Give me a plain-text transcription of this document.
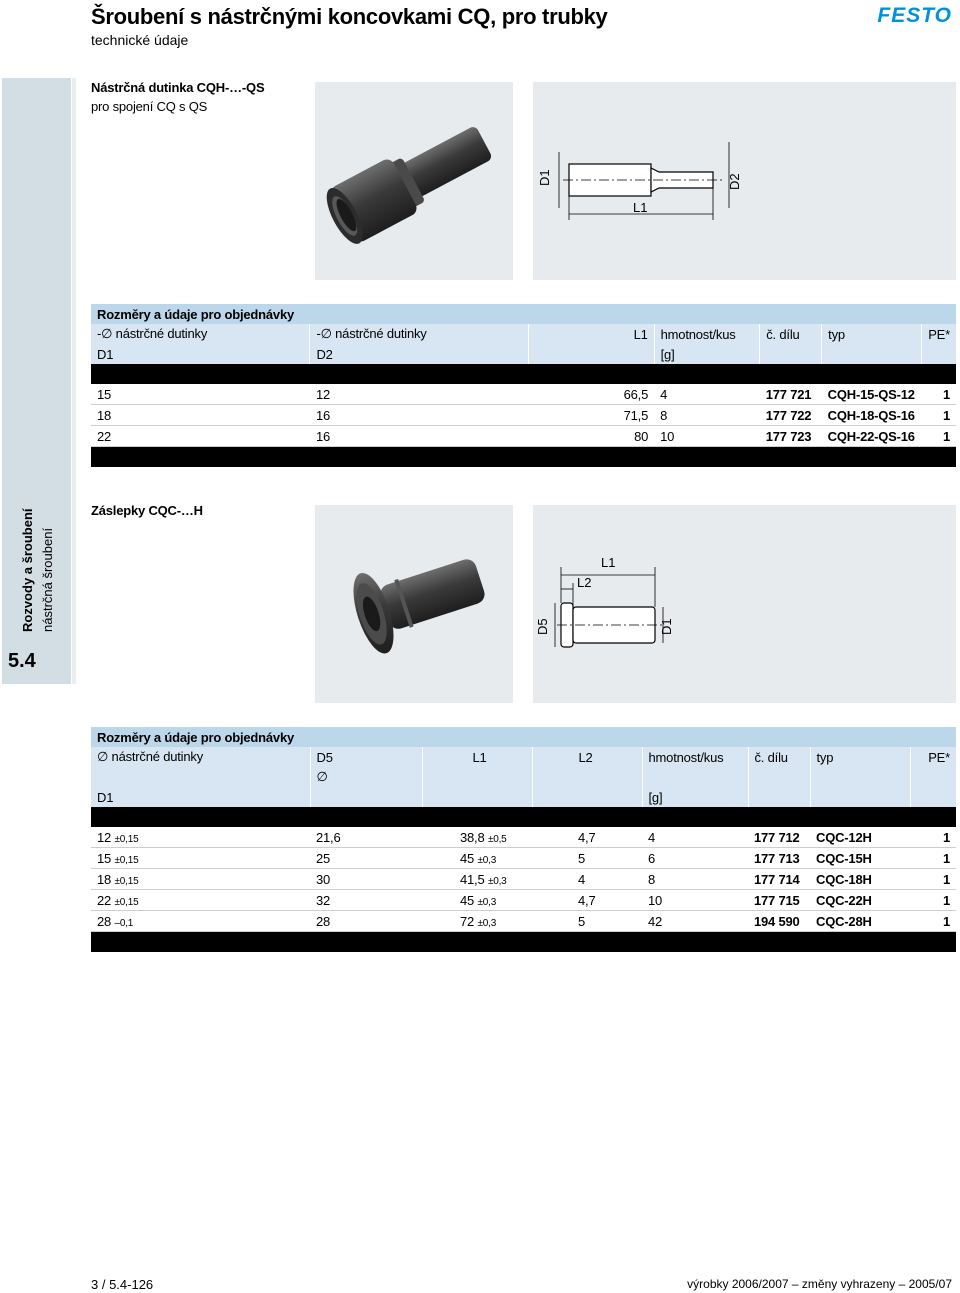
Šroubení s nástrčnými koncovkami CQ, pro trubky
technické údaje
FESTO
Rozvody a šroubení nástrčná šroubení
5.4
Nástrčná dutinka CQH-…-QS
pro spojení CQ s QS
L1
D1	D2
Rozměry a údaje pro objednávky						
-∅ nástrčné dutinky	-∅ nástrčné dutinky	L1	hmotnost/kus	č. dílu	typ	PE*
D1	D2		[g]			

15	12	66,5	4	177 721	CQH-15-QS-12	1
18	16	71,5	8	177 722	CQH-18-QS-16	1
22	16	80	10	177 723	CQH-22-QS-16	1

* množství v obalu
Záslepky CQC-…H
L1
L2
D5	D1
Rozměry a údaje pro objednávky							
∅ nástrčné dutinky	D5	L1	L2	hmotnost/kus	č. dílu	typ	PE*
	∅						
D1				[g]			

12 ±0,15	21,6	38,8 ±0,5	4,7	4	177 712	CQC-12H	1
15 ±0,15	25	45 ±0,3	5	6	177 713	CQC-15H	1
18 ±0,15	30	41,5 ±0,3	4	8	177 714	CQC-18H	1
22 ±0,15	32	45 ±0,3	4,7	10	177 715	CQC-22H	1
28 –0,1	28	72 ±0,3	5	42	194 590	CQC-28H	1

* množství v obalu
3 / 5.4-126	výrobky 2006/2007 – změny vyhrazeny – 2005/07
